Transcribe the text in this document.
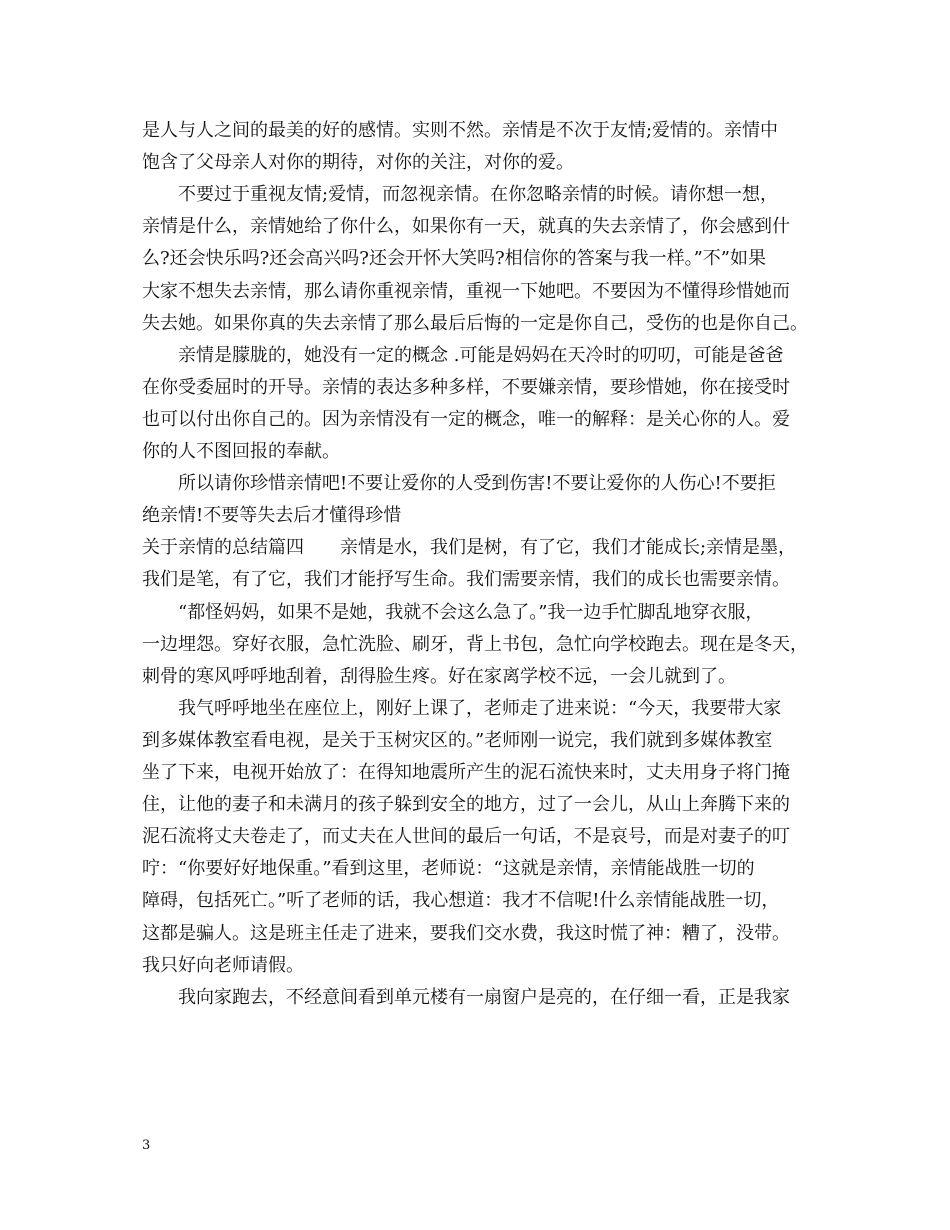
是人与人之间的最美的好的感情。实则不然。亲情是不次于友情;爱情的。亲情中
饱含了父母亲人对你的期待，对你的关注，对你的爱。
不要过于重视友情;爱情，而忽视亲情。在你忽略亲情的时候。请你想一想，
亲情是什么，亲情她给了你什么，如果你有一天，就真的失去亲情了，你会感到什
么?还会快乐吗?还会高兴吗?还会开怀大笑吗?相信你的答案与我一样。”不”如果
大家不想失去亲情，那么请你重视亲情，重视一下她吧。不要因为不懂得珍惜她而
失去她。如果你真的失去亲情了那么最后后悔的一定是你自己，受伤的也是你自己。
亲情是朦胧的，她没有一定的概念 .可能是妈妈在天冷时的叨叨，可能是爸爸
在你受委屈时的开导。亲情的表达多种多样，不要嫌亲情，要珍惜她，你在接受时
也可以付出你自己的。因为亲情没有一定的概念，唯一的解释：是关心你的人。爱
你的人不图回报的奉献。
所以请你珍惜亲情吧!不要让爱你的人受到伤害!不要让爱你的人伤心!不要拒
绝亲情!不要等失去后才懂得珍惜
关于亲情的总结篇四　　亲情是水，我们是树，有了它，我们才能成长;亲情是墨，
我们是笔，有了它，我们才能抒写生命。我们需要亲情，我们的成长也需要亲情。
“都怪妈妈，如果不是她，我就不会这么急了。”我一边手忙脚乱地穿衣服，
一边埋怨。穿好衣服，急忙洗脸、刷牙，背上书包，急忙向学校跑去。现在是冬天，
刺骨的寒风呼呼地刮着，刮得脸生疼。好在家离学校不远，一会儿就到了。
我气呼呼地坐在座位上，刚好上课了，老师走了进来说：“今天，我要带大家
到多媒体教室看电视，是关于玉树灾区的。”老师刚一说完，我们就到多媒体教室
坐了下来，电视开始放了：在得知地震所产生的泥石流快来时，丈夫用身子将门掩
住，让他的妻子和未满月的孩子躲到安全的地方，过了一会儿，从山上奔腾下来的
泥石流将丈夫卷走了，而丈夫在人世间的最后一句话，不是哀号，而是对妻子的叮
咛：“你要好好地保重。”看到这里，老师说：“这就是亲情，亲情能战胜一切的
障碍，包括死亡。”听了老师的话，我心想道：我才不信呢!什么亲情能战胜一切，
这都是骗人。这是班主任走了进来，要我们交水费，我这时慌了神：糟了，没带。
我只好向老师请假。
我向家跑去，不经意间看到单元楼有一扇窗户是亮的，在仔细一看，正是我家
3
